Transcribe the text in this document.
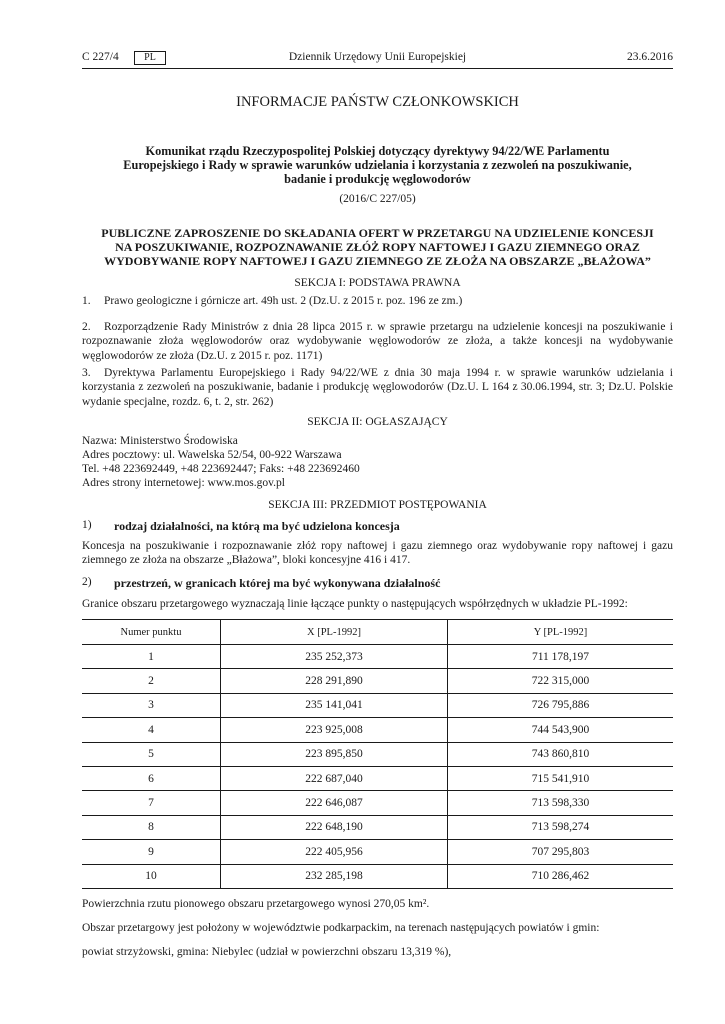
C 227/4	PL	Dziennik Urzędowy Unii Europejskiej	23.6.2016
INFORMACJE PAŃSTW CZŁONKOWSKICH
Komunikat rządu Rzeczypospolitej Polskiej dotyczący dyrektywy 94/22/WE Parlamentu Europejskiego i Rady w sprawie warunków udzielania i korzystania z zezwoleń na poszukiwanie, badanie i produkcję węglowodorów
(2016/C 227/05)
PUBLICZNE ZAPROSZENIE DO SKŁADANIA OFERT W PRZETARGU NA UDZIELENIE KONCESJI NA POSZUKIWANIE, ROZPOZNAWANIE ZŁÓŻ ROPY NAFTOWEJ I GAZU ZIEMNEGO ORAZ WYDOBYWANIE ROPY NAFTOWEJ I GAZU ZIEMNEGO ZE ZŁOŻA NA OBSZARZE „BŁAŻOWA”
SEKCJA I: PODSTAWA PRAWNA
1. Prawo geologiczne i górnicze art. 49h ust. 2 (Dz.U. z 2015 r. poz. 196 ze zm.)
2. Rozporządzenie Rady Ministrów z dnia 28 lipca 2015 r. w sprawie przetargu na udzielenie koncesji na poszukiwanie i rozpoznawanie złoża węglowodorów oraz wydobywanie węglowodorów ze złoża, a także koncesji na wydobywanie węglowodorów ze złoża (Dz.U. z 2015 r. poz. 1171)
3. Dyrektywa Parlamentu Europejskiego i Rady 94/22/WE z dnia 30 maja 1994 r. w sprawie warunków udzielania i korzystania z zezwoleń na poszukiwanie, badanie i produkcję węglowodorów (Dz.U. L 164 z 30.06.1994, str. 3; Dz.U. Polskie wydanie specjalne, rozdz. 6, t. 2, str. 262)
SEKCJA II: OGŁASZAJĄCY
Nazwa: Ministerstwo Środowiska
Adres pocztowy: ul. Wawelska 52/54, 00-922 Warszawa
Tel. +48 223692449, +48 223692447; Faks: +48 223692460
Adres strony internetowej: www.mos.gov.pl
SEKCJA III: PRZEDMIOT POSTĘPOWANIA
1) rodzaj działalności, na którą ma być udzielona koncesja
Koncesja na poszukiwanie i rozpoznawanie złóż ropy naftowej i gazu ziemnego oraz wydobywanie ropy naftowej i gazu ziemnego ze złoża na obszarze „Błażowa”, bloki koncesyjne 416 i 417.
2) przestrzeń, w granicach której ma być wykonywana działalność
Granice obszaru przetargowego wyznaczają linie łączące punkty o następujących współrzędnych w układzie PL-1992:
Numer punktu	X [PL-1992]	Y [PL-1992]
1	235 252,373	711 178,197
2	228 291,890	722 315,000
3	235 141,041	726 795,886
4	223 925,008	744 543,900
5	223 895,850	743 860,810
6	222 687,040	715 541,910
7	222 646,087	713 598,330
8	222 648,190	713 598,274
9	222 405,956	707 295,803
10	232 285,198	710 286,462
Powierzchnia rzutu pionowego obszaru przetargowego wynosi 270,05 km².
Obszar przetargowy jest położony w województwie podkarpackim, na terenach następujących powiatów i gmin:
powiat strzyżowski, gmina: Niebylec (udział w powierzchni obszaru 13,319 %),
